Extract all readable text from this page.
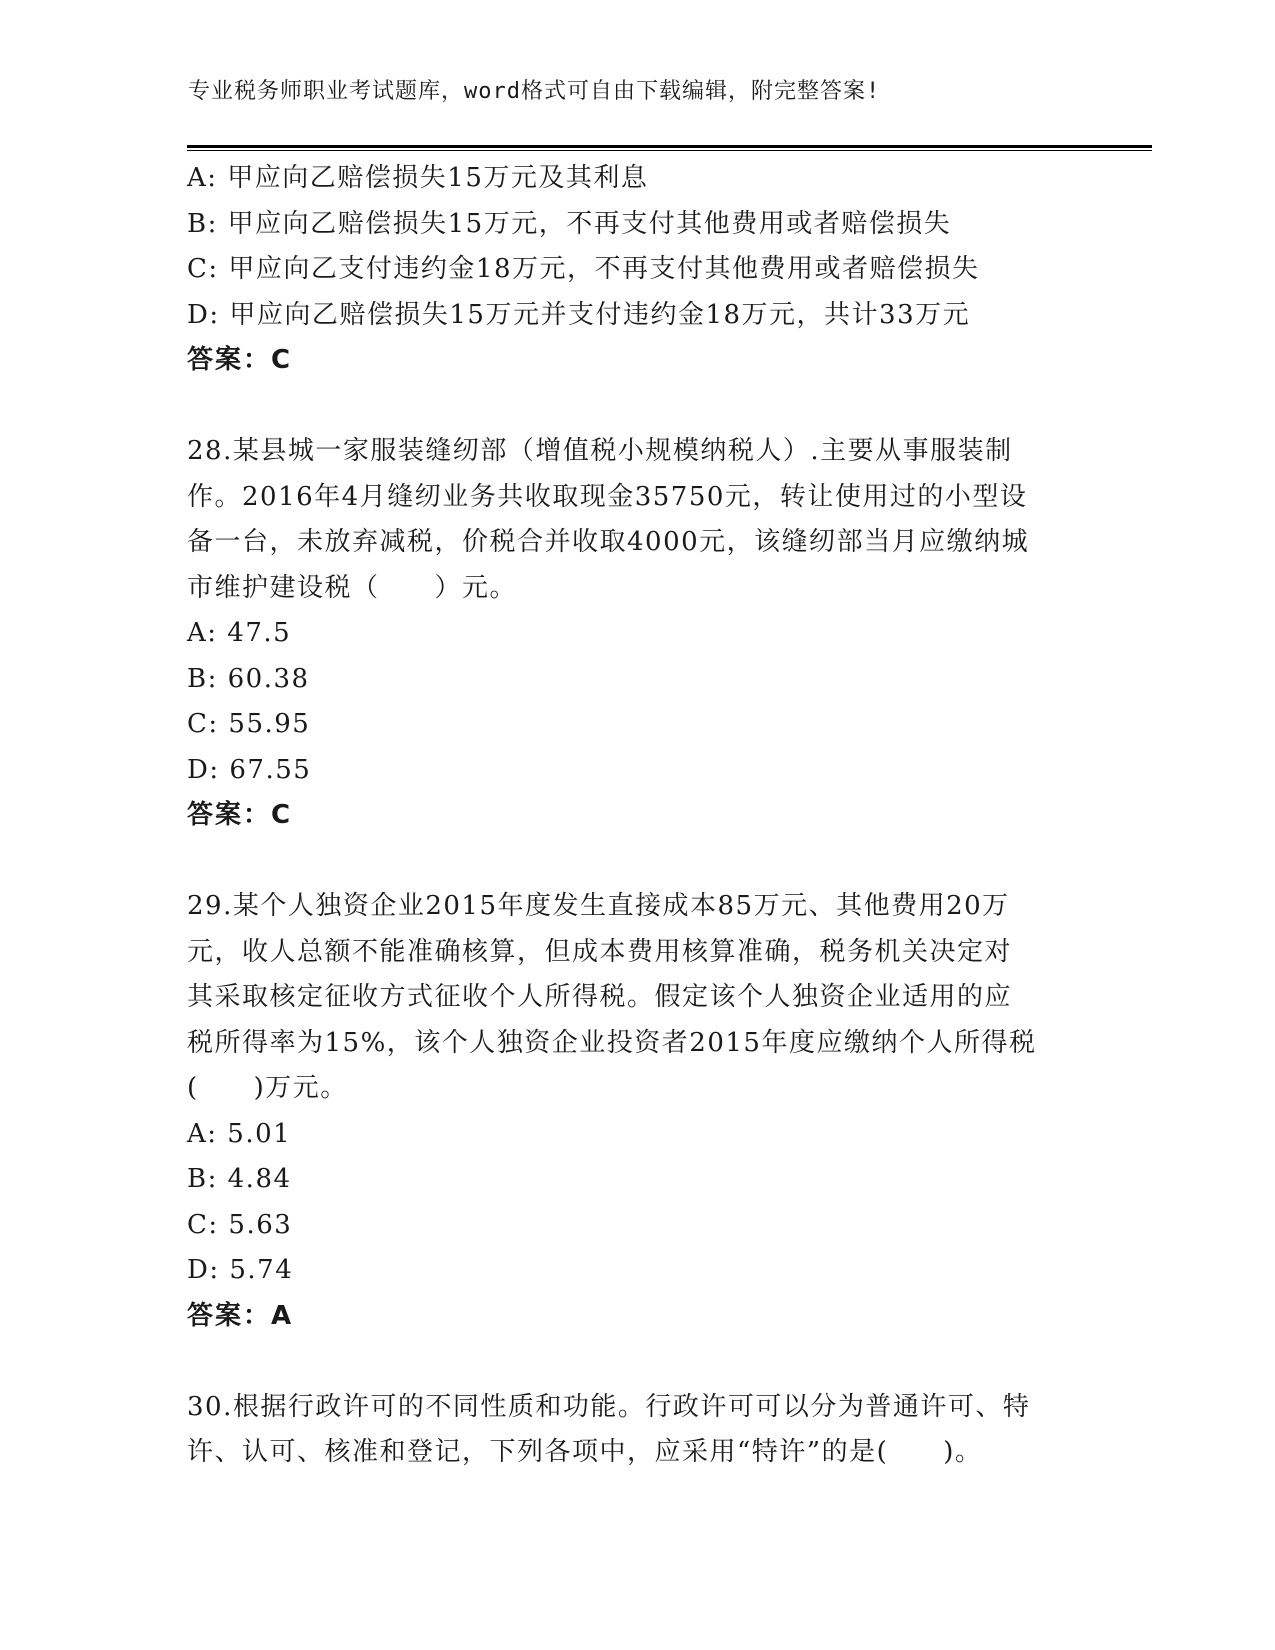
专业税务师职业考试题库，word格式可自由下载编辑，附完整答案!
A: 甲应向乙赔偿损失15万元及其利息
B: 甲应向乙赔偿损失15万元，不再支付其他费用或者赔偿损失
C: 甲应向乙支付违约金18万元，不再支付其他费用或者赔偿损失
D: 甲应向乙赔偿损失15万元并支付违约金18万元，共计33万元
答案：C
28.某县城一家服装缝纫部（增值税小规模纳税人）.主要从事服装制
作。2016年4月缝纫业务共收取现金35750元，转让使用过的小型设
备一台，未放弃减税，价税合并收取4000元，该缝纫部当月应缴纳城
市维护建设税（　　）元。
A: 47.5
B: 60.38
C: 55.95
D: 67.55
答案：C
29.某个人独资企业2015年度发生直接成本85万元、其他费用20万
元，收人总额不能准确核算，但成本费用核算准确，税务机关决定对
其采取核定征收方式征收个人所得税。假定该个人独资企业适用的应
税所得率为15%，该个人独资企业投资者2015年度应缴纳个人所得税
(　　)万元。
A: 5.01
B: 4.84
C: 5.63
D: 5.74
答案：A
30.根据行政许可的不同性质和功能。行政许可可以分为普通许可、特
许、认可、核准和登记，下列各项中，应采用“特许”的是(　　)。
